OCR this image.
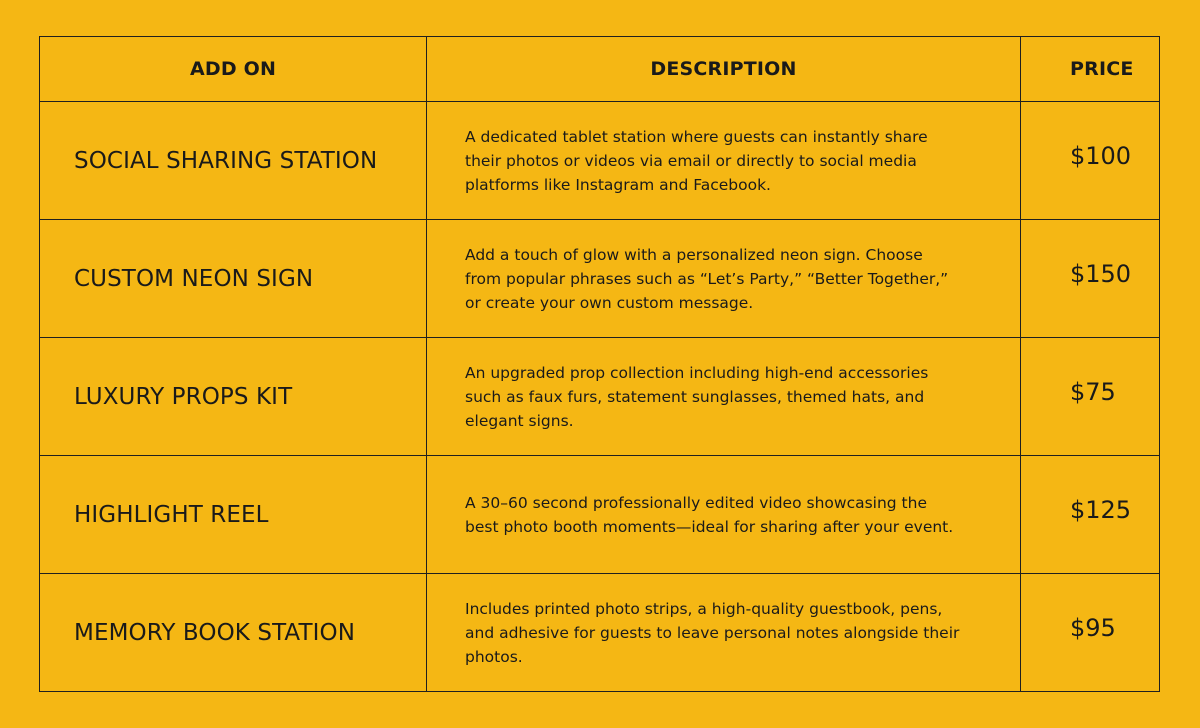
ADD ON	DESCRIPTION	PRICE
SOCIAL SHARING STATION	A dedicated tablet station where guests can instantly share their photos or videos via email or directly to social media platforms like Instagram and Facebook.	$100
CUSTOM NEON SIGN	Add a touch of glow with a personalized neon sign. Choose from popular phrases such as “Let’s Party,” “Better Together,” or create your own custom message.	$150
LUXURY PROPS KIT	An upgraded prop collection including high-end accessories such as faux furs, statement sunglasses, themed hats, and elegant signs.	$75
HIGHLIGHT REEL	A 30–60 second professionally edited video showcasing the best photo booth moments—ideal for sharing after your event.	$125
MEMORY BOOK STATION	Includes printed photo strips, a high-quality guestbook, pens, and adhesive for guests to leave personal notes alongside their photos.	$95
